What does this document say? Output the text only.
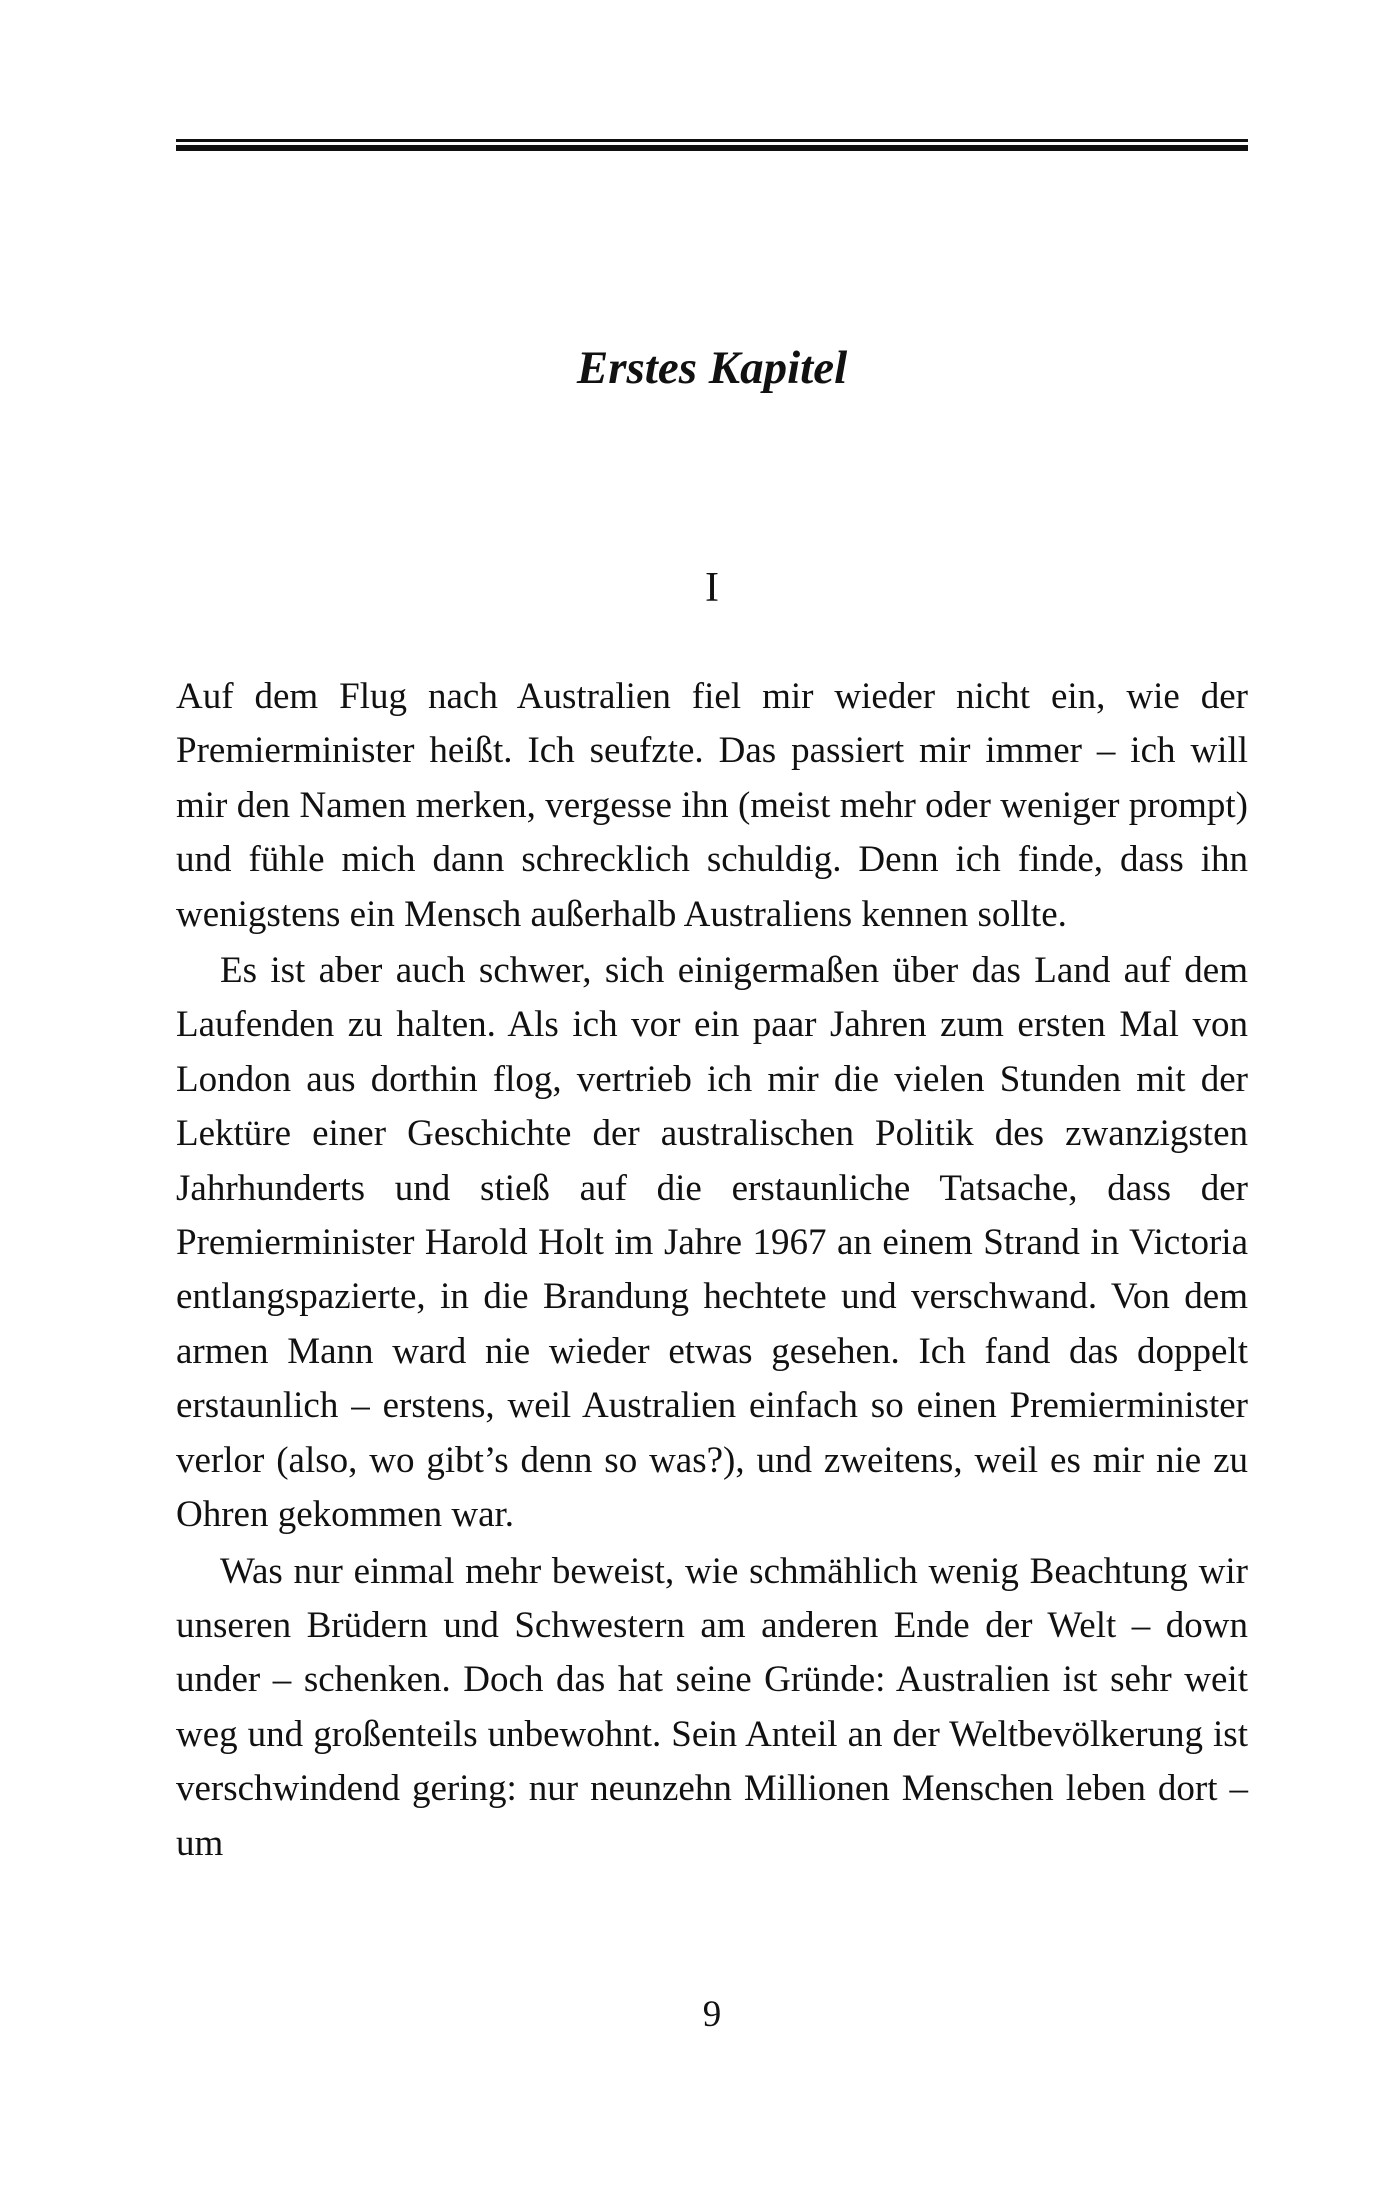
Erstes Kapitel
I

Auf dem Flug nach Australien fiel mir wieder nicht ein, wie der Premierminister heißt. Ich seufzte. Das passiert mir immer – ich will mir den Namen merken, vergesse ihn (meist mehr oder weniger prompt) und fühle mich dann schrecklich schuldig. Denn ich finde, dass ihn wenigstens ein Mensch außerhalb Australiens kennen sollte.

Es ist aber auch schwer, sich einigermaßen über das Land auf dem Laufenden zu halten. Als ich vor ein paar Jahren zum ersten Mal von London aus dorthin flog, vertrieb ich mir die vielen Stunden mit der Lektüre einer Geschichte der australischen Politik des zwanzigsten Jahrhunderts und stieß auf die erstaunliche Tatsache, dass der Premierminister Harold Holt im Jahre 1967 an einem Strand in Victoria entlangspazierte, in die Brandung hechtete und verschwand. Von dem armen Mann ward nie wieder etwas gesehen. Ich fand das doppelt erstaunlich – erstens, weil Australien einfach so einen Premierminister verlor (also, wo gibt’s denn so was?), und zweitens, weil es mir nie zu Ohren gekommen war.

Was nur einmal mehr beweist, wie schmählich wenig Beachtung wir unseren Brüdern und Schwestern am anderen Ende der Welt – down under – schenken. Doch das hat seine Gründe: Australien ist sehr weit weg und großenteils unbewohnt. Sein Anteil an der Weltbevölkerung ist verschwindend gering: nur neunzehn Millionen Menschen leben dort – um

9
